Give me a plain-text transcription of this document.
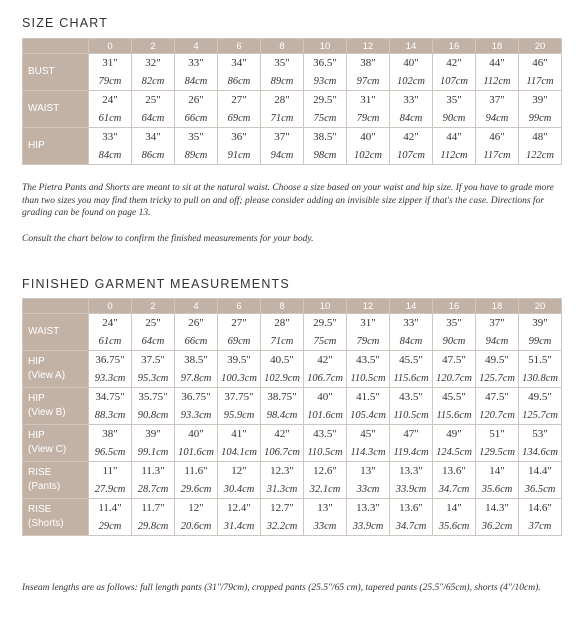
SIZE CHART
	0	2	4	6	8	10	12	14	16	18	20

BUST	31"	32"	33"	34"	35"	36.5"	38"	40"	42"	44"	46"
	79cm	82cm	84cm	86cm	89cm	93cm	97cm	102cm	107cm	112cm	117cm

WAIST	24"	25"	26"	27"	28"	29.5"	31"	33"	35"	37"	39"
	61cm	64cm	66cm	69cm	71cm	75cm	79cm	84cm	90cm	94cm	99cm

HIP	33"	34"	35"	36"	37"	38.5"	40"	42"	44"	46"	48"
	84cm	86cm	89cm	91cm	94cm	98cm	102cm	107cm	112cm	117cm	122cm

The Pietra Pants and Shorts are meant to sit at the natural waist. Choose a size based on your waist and hip size. If you have to grade more than two sizes you may find them tricky to pull on and off; please consider adding an invisible size zipper if that's the case. Directions for grading can be found on page 13.

Consult the chart below to confirm the finished measurements for your body.

FINISHED GARMENT MEASUREMENTS
	0	2	4	6	8	10	12	14	16	18	20

WAIST	24"	25"	26"	27"	28"	29.5"	31"	33"	35"	37"	39"
	61cm	64cm	66cm	69cm	71cm	75cm	79cm	84cm	90cm	94cm	99cm

HIP
(View A)	36.75"	37.5"	38.5"	39.5"	40.5"	42"	43.5"	45.5"	47.5"	49.5"	51.5"
	93.3cm	95.3cm	97.8cm	100.3cm	102.9cm	106.7cm	110.5cm	115.6cm	120.7cm	125.7cm	130.8cm

HIP
(View B)	34.75"	35.75"	36.75"	37.75"	38.75"	40"	41.5"	43.5"	45.5"	47.5"	49.5"
	88.3cm	90.8cm	93.3cm	95.9cm	98.4cm	101.6cm	105.4cm	110.5cm	115.6cm	120.7cm	125.7cm

HIP
(View C)	38"	39"	40"	41"	42"	43.5"	45"	47"	49"	51"	53"
	96.5cm	99.1cm	101.6cm	104.1cm	106.7cm	110.5cm	114.3cm	119.4cm	124.5cm	129.5cm	134.6cm

RISE
(Pants)	11"	11.3"	11.6"	12"	12.3"	12.6"	13"	13.3"	13.6"	14"	14.4"
	27.9cm	28.7cm	29.6cm	30.4cm	31.3cm	32.1cm	33cm	33.9cm	34.7cm	35.6cm	36.5cm

RISE
(Shorts)	11.4"	11.7"	12"	12.4"	12.7"	13"	13.3"	13.6"	14"	14.3"	14.6"
	29cm	29.8cm	20.6cm	31.4cm	32.2cm	33cm	33.9cm	34.7cm	35.6cm	36.2cm	37cm

Inseam lengths are as follows: full length pants (31"/79cm), cropped pants (25.5"/65 cm), tapered pants (25.5"/65cm), shorts (4"/10cm).
